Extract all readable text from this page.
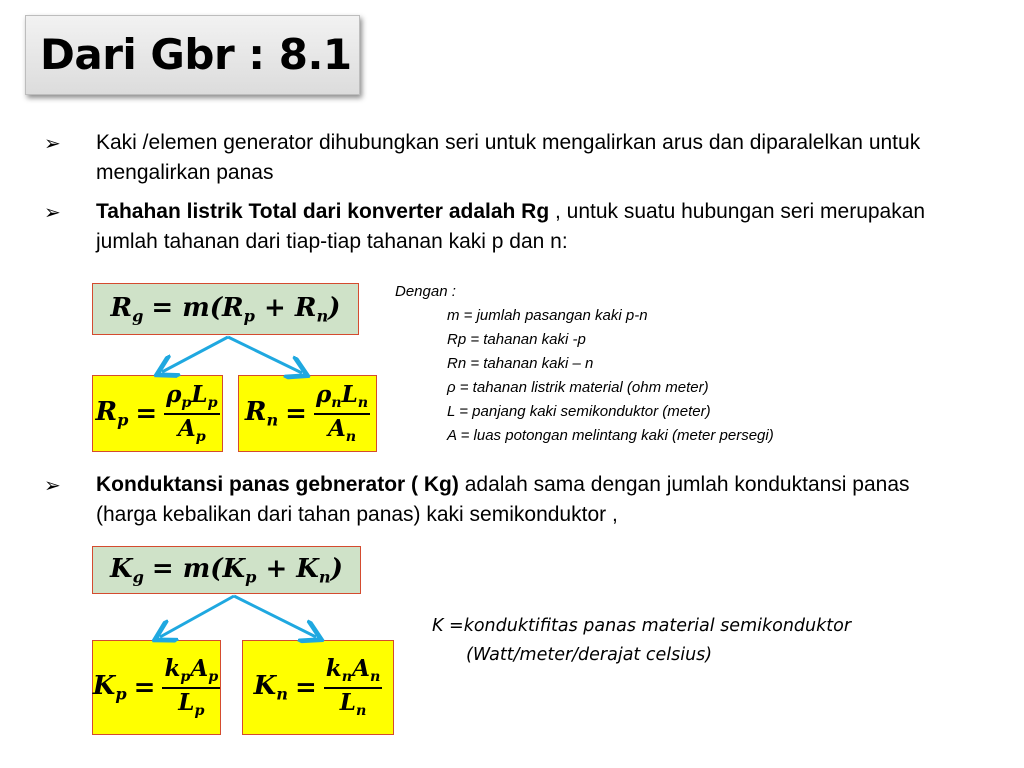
Dari Gbr : 8.1
➢	Kaki /elemen generator dihubungkan seri untuk mengalirkan arus dan diparalelkan untuk mengalirkan panas
➢	Tahahan listrik Total dari konverter adalah Rg , untuk suatu hubungan seri merupakan jumlah tahanan dari tiap-tiap tahanan kaki p dan n:
➢	Konduktansi panas gebnerator ( Kg) adalah sama dengan jumlah konduktansi panas (harga kebalikan dari tahan panas) kaki semikonduktor ,
$R_g = m(R_p + R_n)$
$R_p = \frac{\rho_pL_p}{A_p} R_n = \frac{\rho_nL_n}{A_n}$
$K_g = m(K_p + K_n)$
$K_p = \frac{k_pA_p}{L_p} K_n = \frac{k_nA_n}{L_n}$
Dengan :
m = jumlah pasangan kaki p-n
Rp = tahanan kaki -p
Rn = tahanan kaki – n
ρ = tahanan listrik material (ohm meter)
L = panjang kaki semikonduktor (meter)
A = luas potongan melintang kaki (meter persegi)
K =konduktifitas panas material semikonduktor
(Watt/meter/derajat celsius)
